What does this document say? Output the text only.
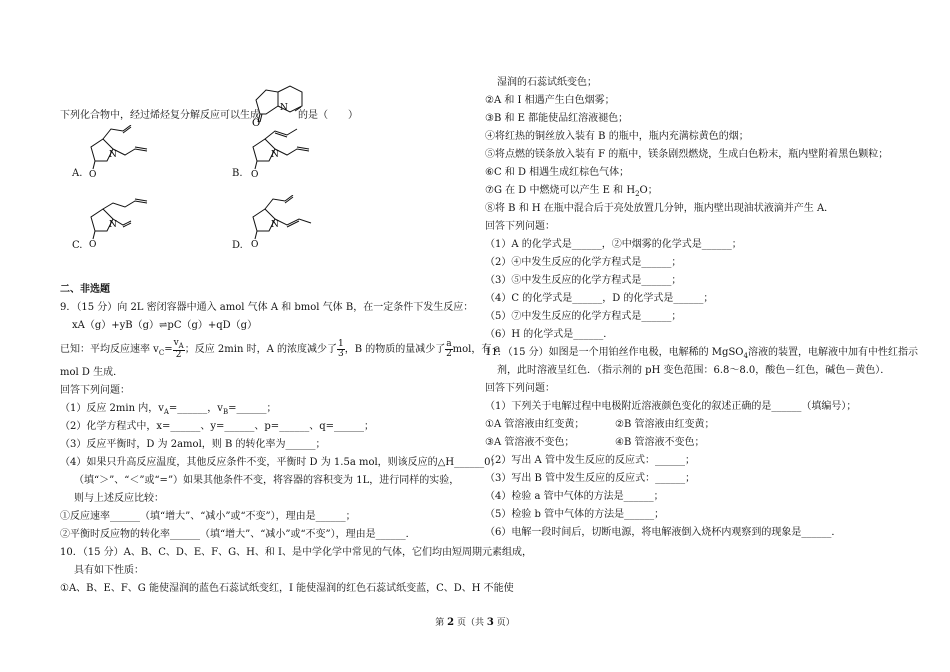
O
N
下列化合物中，经过烯烃复分解反应可以生成	的是（　　）
A. O
N
B. O
N
C. O
N
D. O
N
二、非选题
9．（15 分）向 2L 密闭容器中通入 amol 气体 A 和 bmol 气体 B，在一定条件下发生反应：
xA（g）+yB（g）⇌pC（g）+qD（g）
已知：平均反应速率 $v_C= \frac{v_A}{2}$ ；反应 2min 时，A 的浓度减少了 $\frac{1}{3}$ ，B 的物质的量减少了 $\frac{a}{2}$ mol，有 a
mol D 生成．
回答下列问题：
（1）反应 2min 内，$v_A=\_\_\_\_\_\_$，$v_B=\_\_\_\_\_\_$；
（2）化学方程式中，x=______、y=______、p=______、q=______；
（3）反应平衡时，D 为 2amol，则 B 的转化率为______；
（4）如果只升高反应温度，其他反应条件不变，平衡时 D 为 1.5a mol，则该反应的△H______0；
（填“＞”、“＜”或“=”）如果其他条件不变，将容器的容积变为 1L，进行同样的实验，
则与上述反应比较：
①反应速率______（填“增大”、“减小”或“不变”），理由是______；
②平衡时反应物的转化率______（填“增大”、“减小”或“不变”），理由是______．
10．（15 分）A、B、C、D、E、F、G、H、和 I、是中学化学中常见的气体，它们均由短周期元素组成，
具有如下性质：
①A、B、E、F、G 能使湿润的蓝色石蕊试纸变红，I 能使湿润的红色石蕊试纸变蓝，C、D、H 不能使
湿润的石蕊试纸变色；
②A 和 I 相遇产生白色烟雾；
③B 和 E 都能使品红溶液褪色；
④将红热的铜丝放入装有 B 的瓶中，瓶内充满棕黄色的烟；
⑤将点燃的镁条放入装有 F 的瓶中，镁条剧烈燃烧，生成白色粉末，瓶内壁附着黑色颗粒；
⑥C 和 D 相遇生成红棕色气体；
⑦G 在 D 中燃烧可以产生 E 和 $H_2O$；
⑧将 B 和 H 在瓶中混合后于亮处放置几分钟，瓶内壁出现油状液滴并产生 A．
回答下列问题：
（1）A 的化学式是______，②中烟雾的化学式是______；
（2）④中发生反应的化学方程式是______；
（3）⑤中发生反应的化学方程式是______；
（4）C 的化学式是______，D 的化学式是______；
（5）⑦中发生反应的化学方程式是______；
（6）H 的化学式是______．
11．（15 分）如图是一个用铂丝作电极，电解稀的 MgSO$_4$溶液的装置，电解液中加有中性红指示
剂，此时溶液呈红色．（指示剂的 pH 变色范围：6.8～8.0，酸色－红色，碱色－黄色）．
回答下列问题：
（1）下列关于电解过程中电极附近溶液颜色变化的叙述正确的是______（填编号）；
①A 管溶液由红变黄；	②B 管溶液由红变黄；
③A 管溶液不变色；	④B 管溶液不变色；
（2）写出 A 管中发生反应的反应式：______；
（3）写出 B 管中发生反应的反应式：______；
（4）检验 a 管中气体的方法是______；
（5）检验 b 管中气体的方法是______；
（6）电解一段时间后，切断电源，将电解液倒入烧杯内观察到的现象是______．
第 2 页（共 3 页）
